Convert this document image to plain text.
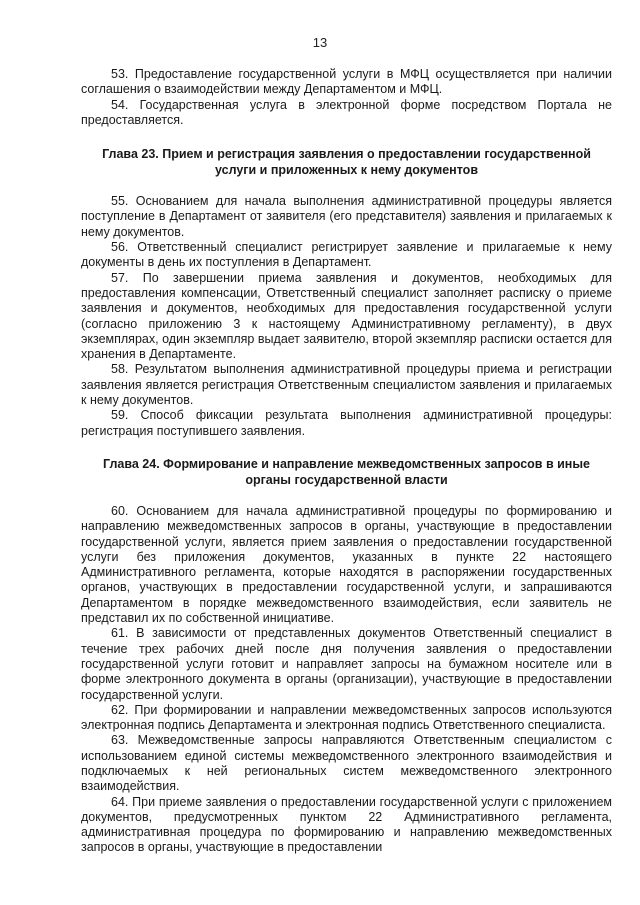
13

53. Предоставление государственной услуги в МФЦ осуществляется при наличии соглашения о взаимодействии между Департаментом и МФЦ.

54. Государственная услуга в электронной форме посредством Портала не предоставляется.

Глава 23. Прием и регистрация заявления о предоставлении государственной услуги и приложенных к нему документов

55. Основанием для начала выполнения административной процедуры является поступление в Департамент от заявителя (его представителя) заявления и прилагаемых к нему документов.

56. Ответственный специалист регистрирует заявление и прилагаемые к нему документы в день их поступления в Департамент.

57. По завершении приема заявления и документов, необходимых для предоставления компенсации, Ответственный специалист заполняет расписку о приеме заявления и документов, необходимых для предоставления государственной услуги (согласно приложению 3 к настоящему Административному регламенту), в двух экземплярах, один экземпляр выдает заявителю, второй экземпляр расписки остается для хранения в Департаменте.

58. Результатом выполнения административной процедуры приема и регистрации заявления является регистрация Ответственным специалистом заявления и прилагаемых к нему документов.

59. Способ фиксации результата выполнения административной процедуры: регистрация поступившего заявления.

Глава 24. Формирование и направление межведомственных запросов в иные органы государственной власти

60. Основанием для начала административной процедуры по формированию и направлению межведомственных запросов в органы, участвующие в предоставлении государственной услуги, является прием заявления о предоставлении государственной услуги без приложения документов, указанных в пункте 22 настоящего Административного регламента, которые находятся в распоряжении государственных органов, участвующих в предоставлении государственной услуги, и запрашиваются Департаментом в порядке межведомственного взаимодействия, если заявитель не представил их по собственной инициативе.

61. В зависимости от представленных документов Ответственный специалист в течение трех рабочих дней после дня получения заявления о предоставлении государственной услуги готовит и направляет запросы на бумажном носителе или в форме электронного документа в органы (организации), участвующие в предоставлении государственной услуги.

62. При формировании и направлении межведомственных запросов используются электронная подпись Департамента и электронная подпись Ответственного специалиста.

63. Межведомственные запросы направляются Ответственным специалистом с использованием единой системы межведомственного электронного взаимодействия и подключаемых к ней региональных систем межведомственного электронного взаимодействия.

64. При приеме заявления о предоставлении государственной услуги с приложением документов, предусмотренных пунктом 22 Административного регламента, административная процедура по формированию и направлению межведомственных запросов в органы, участвующие в предоставлении
